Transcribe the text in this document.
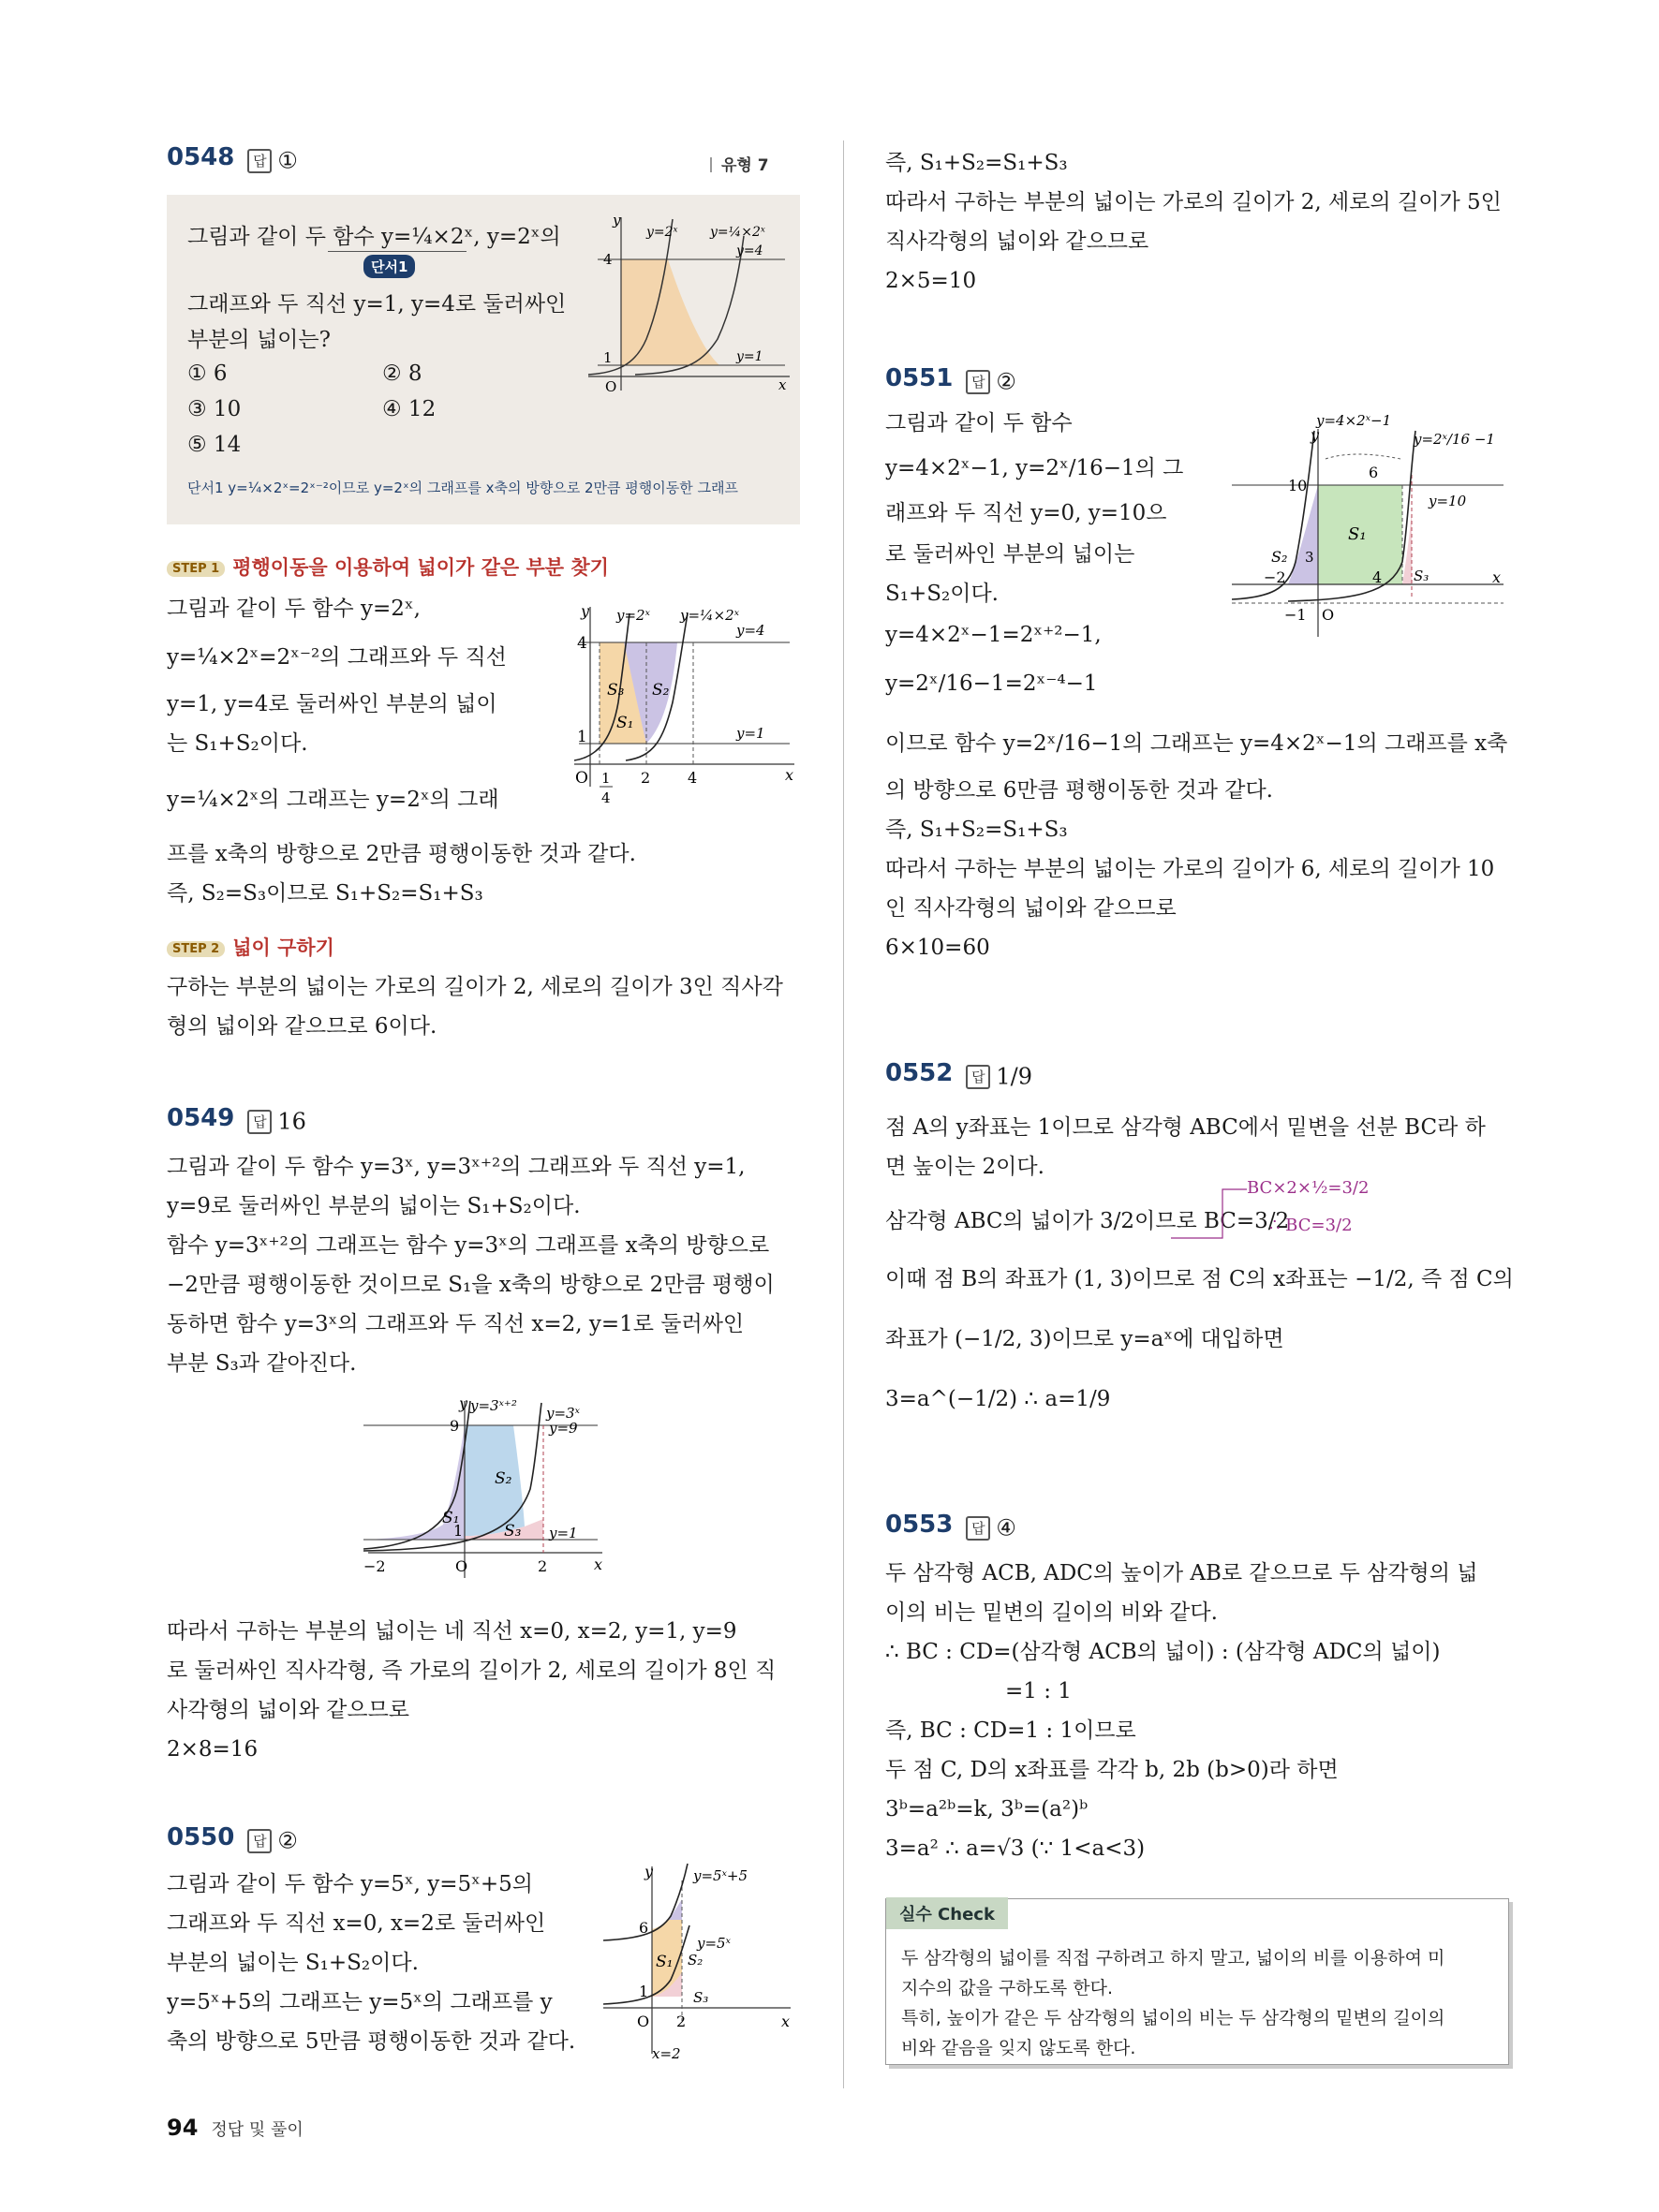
0548 답 ①	유형 7
그림과 같이 두 함수 y=¼×2ˣ, y=2ˣ의
단서1
그래프와 두 직선 y=1, y=4로 둘러싸인
부분의 넓이는?
① 6	② 8
③ 10	④ 12
⑤ 14
단서1 y=¼×2ˣ=2ˣ⁻²이므로 y=2ˣ의 그래프를 x축의 방향으로 2만큼 평행이동한 그래프
4
1
O
y
x
y=4
y=1
y=2ˣ y=¼×2ˣ
STEP 1 평행이동을 이용하여 넓이가 같은 부분 찾기
그림과 같이 두 함수 y=2ˣ,
y=¼×2ˣ=2ˣ⁻²의 그래프와 두 직선
y=1, y=4로 둘러싸인 부분의 넓이
는 S₁+S₂이다.
y=¼×2ˣ의 그래프는 y=2ˣ의 그래
프를 x축의 방향으로 2만큼 평행이동한 것과 같다.
즉, S₂=S₃이므로 S₁+S₂=S₁+S₃
4
1
O
y
x
1
4
2 4
S₃ S₂
S₁
y=4
y=1
y=2ˣ y=¼×2ˣ
STEP 2 넓이 구하기
구하는 부분의 넓이는 가로의 길이가 2, 세로의 길이가 3인 직사각
형의 넓이와 같으므로 6이다.
0549 답 16
그림과 같이 두 함수 y=3ˣ, y=3ˣ⁺²의 그래프와 두 직선 y=1,
y=9로 둘러싸인 부분의 넓이는 S₁+S₂이다.
함수 y=3ˣ⁺²의 그래프는 함수 y=3ˣ의 그래프를 x축의 방향으로
−2만큼 평행이동한 것이므로 S₁을 x축의 방향으로 2만큼 평행이
동하면 함수 y=3ˣ의 그래프와 두 직선 x=2, y=1로 둘러싸인
부분 S₃과 같아진다.
9
1
−2	O	2
y
x
y=3ˣ⁺² y=3ˣ
y=9
y=1
S₁
S₂
S₃
따라서 구하는 부분의 넓이는 네 직선 x=0, x=2, y=1, y=9
로 둘러싸인 직사각형, 즉 가로의 길이가 2, 세로의 길이가 8인 직
사각형의 넓이와 같으므로
2×8=16
0550 답 ②
그림과 같이 두 함수 y=5ˣ, y=5ˣ+5의
그래프와 두 직선 x=0, x=2로 둘러싸인
부분의 넓이는 S₁+S₂이다.
y=5ˣ+5의 그래프는 y=5ˣ의 그래프를 y
축의 방향으로 5만큼 평행이동한 것과 같다.
6
1
O 2
y
x
x=2
y=5ˣ+5
y=5ˣ
S₁ S₂
S₃
즉, S₁+S₂=S₁+S₃
따라서 구하는 부분의 넓이는 가로의 길이가 2, 세로의 길이가 5인
직사각형의 넓이와 같으므로
2×5=10
0551 답 ②
그림과 같이 두 함수
y=4×2ˣ−1, y=2ˣ/16−1의 그
래프와 두 직선 y=0, y=10으
로 둘러싸인 부분의 넓이는
S₁+S₂이다.
y=4×2ˣ−1=2ˣ⁺²−1,
y=2ˣ/16−1=2ˣ⁻⁴−1
10
6
−2	4
−1 O
y
x
S₁
S₂ 3
S₃
y=4×2ˣ−1
y=2ˣ/16 −1
y=10
이므로 함수 y=2ˣ/16−1의 그래프는 y=4×2ˣ−1의 그래프를 x축
의 방향으로 6만큼 평행이동한 것과 같다.
즉, S₁+S₂=S₁+S₃
따라서 구하는 부분의 넓이는 가로의 길이가 6, 세로의 길이가 10
인 직사각형의 넓이와 같으므로
6×10=60
0552 답 1/9
점 A의 y좌표는 1이므로 삼각형 ABC에서 밑변을 선분 BC라 하
면 높이는 2이다.
삼각형 ABC의 넓이가 3/2이므로 BC=3/2
이때 점 B의 좌표가 (1, 3)이므로 점 C의 x좌표는 −1/2, 즉 점 C의
좌표가 (−1/2, 3)이므로 y=aˣ에 대입하면
3=a^(−1/2) ∴ a=1/9
BC×2×½=3/2
∴ BC=3/2
0553 답 ④
두 삼각형 ACB, ADC의 높이가 AB로 같으므로 두 삼각형의 넓
이의 비는 밑변의 길이의 비와 같다.
∴ BC : CD=(삼각형 ACB의 넓이) : (삼각형 ADC의 넓이)
=1 : 1
즉, BC : CD=1 : 1이므로
두 점 C, D의 x좌표를 각각 b, 2b (b>0)라 하면
3ᵇ=a²ᵇ=k, 3ᵇ=(a²)ᵇ
3=a² ∴ a=√3 (∵ 1<a<3)
실수 Check
두 삼각형의 넓이를 직접 구하려고 하지 말고, 넓이의 비를 이용하여 미
지수의 값을 구하도록 한다.
특히, 높이가 같은 두 삼각형의 넓이의 비는 두 삼각형의 밑변의 길이의
비와 같음을 잊지 않도록 한다.
94 정답 및 풀이
